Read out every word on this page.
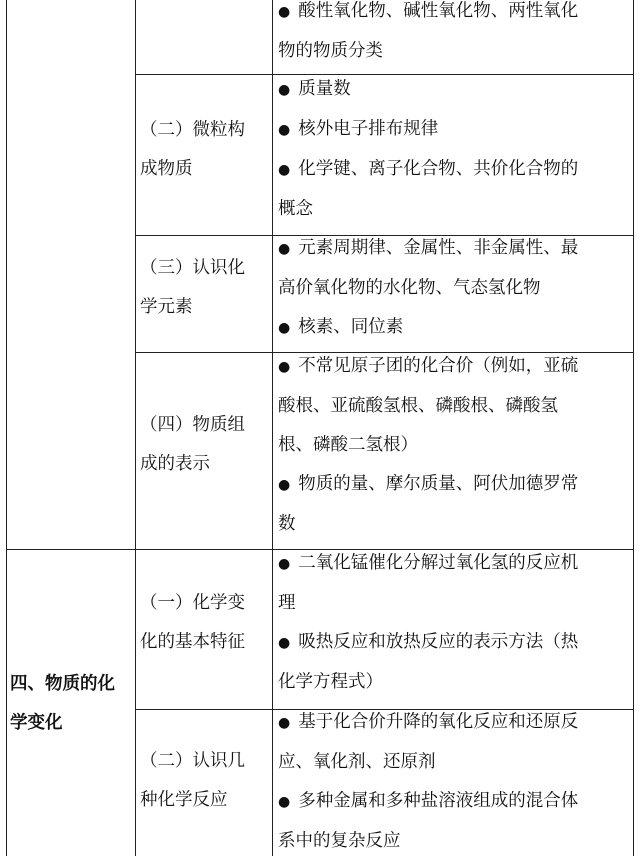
● 酸性氧化物、碱性氧化物、两性氧化
物的物质分类
（二）微粒构
成物质
● 质量数
● 核外电子排布规律
● 化学键、离子化合物、共价化合物的
概念
（三）认识化
学元素
● 元素周期律、金属性、非金属性、最
高价氧化物的水化物、气态氢化物
● 核素、同位素
（四）物质组
成的表示
● 不常见原子团的化合价（例如，亚硫
酸根、亚硫酸氢根、磷酸根、磷酸氢
根、磷酸二氢根）
● 物质的量、摩尔质量、阿伏加德罗常
数
四、物质的化 学变化
（一）化学变
化的基本特征
● 二氧化锰催化分解过氧化氢的反应机
理
● 吸热反应和放热反应的表示方法（热
化学方程式）
（二）认识几
种化学反应
● 基于化合价升降的氧化反应和还原反
应、氧化剂、还原剂
● 多种金属和多种盐溶液组成的混合体
系中的复杂反应
